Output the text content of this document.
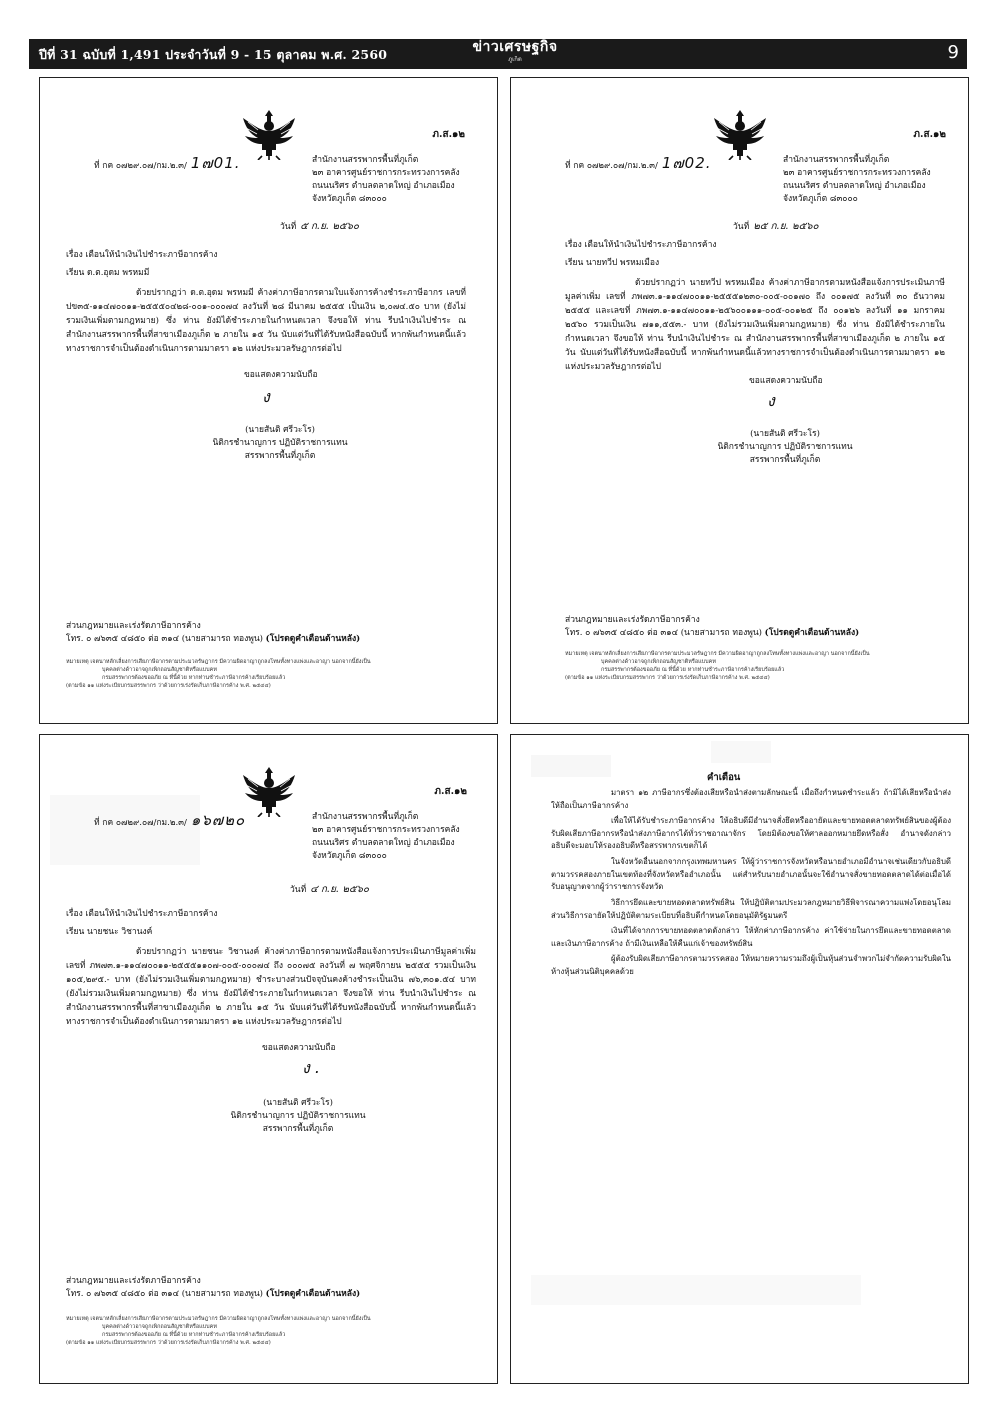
ปีที่ 31 ฉบับที่ 1,491 ประจำวันที่ 9 - 15 ตุลาคม พ.ศ. 2560	ข่าวเศรษฐกิจ
ภูเก็ต	9
ภ.ส.๑๒
ที่ กค ๐๗๒๙.๐๗/กม.๒.๓/ 1๗01.	สำนักงานสรรพากรพื้นที่ภูเก็ต
๒๓ อาคารศูนย์ราชการกระทรวงการคลัง
ถนนนริศร ตำบลตลาดใหญ่ อำเภอเมือง
จังหวัดภูเก็ต ๘๓๐๐๐
วันที่ ๕ ก.ย. ๒๕๖๐
เรื่อง เตือนให้นำเงินไปชำระภาษีอากรค้าง
เรียน ด.ต.อุดม พรหมมี
ด้วยปรากฏว่า ด.ต.อุดม พรหมมี ค้างค่าภาษีอากรตามใบแจ้งการค้างชำระภาษีอากร เลขที่ ปข๓๕-๑๑๔๗๐๐๑๑-๒๕๕๕๐๔๒๘-๐๐๑-๐๐๐๗๔ ลงวันที่ ๒๘ มีนาคม ๒๕๕๕ เป็นเงิน ๒,๐๗๔.๕๐ บาท (ยังไม่รวมเงินเพิ่มตามกฎหมาย) ซึ่ง ท่าน ยังมิได้ชำระภายในกำหนดเวลา จึงขอให้ ท่าน รีบนำเงินไปชำระ ณ สำนักงานสรรพากรพื้นที่สาขาเมืองภูเก็ต ๒ ภายใน ๑๕ วัน นับแต่วันที่ได้รับหนังสือฉบับนี้ หากพ้นกำหนดนี้แล้วทางราชการจำเป็นต้องดำเนินการตามมาตรา ๑๒ แห่งประมวลรัษฎากรต่อไป
ขอแสดงความนับถือ
ง
(นายสันติ ศรีวะโร)
นิติกรชำนาญการ ปฏิบัติราชการแทน
สรรพากรพื้นที่ภูเก็ต
ส่วนกฎหมายและเร่งรัดภาษีอากรค้าง
โทร. ๐ ๗๖๓๕ ๔๘๕๐ ต่อ ๓๑๔ (นายสามารถ ทองพูน) (โปรดดูคำเตือนด้านหลัง)
หมายเหตุ เจตนาหลักเลี่ยงการเสียภาษีอากรตามประมวลรัษฎากร มีความผิดอาญาถูกลงโทษทั้งทางแพ่งและอาญา นอกจากนี้ยังเป็น
บุคคลต่างด้าวอาจถูกเพิกถอนสัญชาติหรือแบบคท
กรมสรรพากรต้องขออภัย ณ ที่นี้ด้วย หากท่านชำระภาษีอากรค้างเรียบร้อยแล้ว
(ตามข้อ ๑๑ แห่งระเบียบกรมสรรพากร ว่าด้วยการเร่งรัดเก็บภาษีอากรค้าง พ.ศ. ๒๕๔๔)
ภ.ส.๑๒
ที่ กค ๐๗๒๙.๐๗/กม.๒.๓/ 1๗02.	สำนักงานสรรพากรพื้นที่ภูเก็ต
๒๓ อาคารศูนย์ราชการกระทรวงการคลัง
ถนนนริศร ตำบลตลาดใหญ่ อำเภอเมือง
จังหวัดภูเก็ต ๘๓๐๐๐
วันที่ ๒๕ ก.ย. ๒๕๖๐
เรื่อง เตือนให้นำเงินไปชำระภาษีอากรค้าง
เรียน นายทวีป พรหมเมือง
ด้วยปรากฏว่า นายทวีป พรหมเมือง ค้างค่าภาษีอากรตามหนังสือแจ้งการประเมินภาษีมูลค่าเพิ่ม เลขที่ ภพ๗๓.๑-๑๑๔๗๐๐๑๑-๒๕๕๕๑๒๓๐-๐๐๕-๐๐๑๗๐ ถึง ๐๐๑๗๕ ลงวันที่ ๓๐ ธันวาคม ๒๕๕๕ และเลขที่ ภพ๗๓.๑-๑๑๔๗๐๐๑๑-๒๕๖๐๐๑๑๑-๐๐๕-๐๐๑๒๕ ถึง ๐๐๑๒๖ ลงวันที่ ๑๑ มกราคม ๒๕๖๐ รวมเป็นเงิน ๗๑๑,๕๕๓.- บาท (ยังไม่รวมเงินเพิ่มตามกฎหมาย) ซึ่ง ท่าน ยังมิได้ชำระภายในกำหนดเวลา จึงขอให้ ท่าน รีบนำเงินไปชำระ ณ สำนักงานสรรพากรพื้นที่สาขาเมืองภูเก็ต ๒ ภายใน ๑๕ วัน นับแต่วันที่ได้รับหนังสือฉบับนี้ หากพ้นกำหนดนี้แล้วทางราชการจำเป็นต้องดำเนินการตามมาตรา ๑๒ แห่งประมวลรัษฎากรต่อไป
ขอแสดงความนับถือ
ง
(นายสันติ ศรีวะโร)
นิติกรชำนาญการ ปฏิบัติราชการแทน
สรรพากรพื้นที่ภูเก็ต
ส่วนกฎหมายและเร่งรัดภาษีอากรค้าง
โทร. ๐ ๗๖๓๕ ๔๘๕๐ ต่อ ๓๑๔ (นายสามารถ ทองพูน) (โปรดดูคำเตือนด้านหลัง)
หมายเหตุ เจตนาหลักเลี่ยงการเสียภาษีอากรตามประมวลรัษฎากร มีความผิดอาญาถูกลงโทษทั้งทางแพ่งและอาญา นอกจากนี้ยังเป็น
บุคคลต่างด้าวอาจถูกเพิกถอนสัญชาติหรือแบบคท
กรมสรรพากรต้องขออภัย ณ ที่นี้ด้วย หากท่านชำระภาษีอากรค้างเรียบร้อยแล้ว
(ตามข้อ ๑๑ แห่งระเบียบกรมสรรพากร ว่าด้วยการเร่งรัดเก็บภาษีอากรค้าง พ.ศ. ๒๕๔๔)
ภ.ส.๑๒
ที่ กค ๐๗๒๙.๐๗/กม.๒.๓/ ๑๖๗๒๐	สำนักงานสรรพากรพื้นที่ภูเก็ต
๒๓ อาคารศูนย์ราชการกระทรวงการคลัง
ถนนนริศร ตำบลตลาดใหญ่ อำเภอเมือง
จังหวัดภูเก็ต ๘๓๐๐๐
วันที่ ๔ ก.ย. ๒๕๖๐
เรื่อง เตือนให้นำเงินไปชำระภาษีอากรค้าง
เรียน นายชนะ วิชานงค์
ด้วยปรากฏว่า นายชนะ วิชานงค์ ค้างค่าภาษีอากรตามหนังสือแจ้งการประเมินภาษีมูลค่าเพิ่ม เลขที่ ภพ๗๓.๑-๑๑๔๗๐๐๑๑-๒๕๕๕๑๑๐๗-๐๐๕-๐๐๐๗๔ ถึง ๐๐๐๗๕ ลงวันที่ ๗ พฤศจิกายน ๒๕๕๕ รวมเป็นเงิน ๑๐๕,๒๙๕.- บาท (ยังไม่รวมเงินเพิ่มตามกฎหมาย) ชำระบางส่วนปัจจุบันคงค้างชำระเป็นเงิน ๗๖,๓๐๑.๕๔ บาท (ยังไม่รวมเงินเพิ่มตามกฎหมาย) ซึ่ง ท่าน ยังมิได้ชำระภายในกำหนดเวลา จึงขอให้ ท่าน รีบนำเงินไปชำระ ณ สำนักงานสรรพากรพื้นที่สาขาเมืองภูเก็ต ๒ ภายใน ๑๕ วัน นับแต่วันที่ได้รับหนังสือฉบับนี้ หากพ้นกำหนดนี้แล้วทางราชการจำเป็นต้องดำเนินการตามมาตรา ๑๒ แห่งประมวลรัษฎากรต่อไป
ขอแสดงความนับถือ
ง .
(นายสันติ ศรีวะโร)
นิติกรชำนาญการ ปฏิบัติราชการแทน
สรรพากรพื้นที่ภูเก็ต
ส่วนกฎหมายและเร่งรัดภาษีอากรค้าง
โทร. ๐ ๗๖๓๕ ๔๘๕๐ ต่อ ๓๑๔ (นายสามารถ ทองพูน) (โปรดดูคำเตือนด้านหลัง)
หมายเหตุ เจตนาหลักเลี่ยงการเสียภาษีอากรตามประมวลรัษฎากร มีความผิดอาญาถูกลงโทษทั้งทางแพ่งและอาญา นอกจากนี้ยังเป็น
บุคคลต่างด้าวอาจถูกเพิกถอนสัญชาติหรือแบบคท
กรมสรรพากรต้องขออภัย ณ ที่นี้ด้วย หากท่านชำระภาษีอากรค้างเรียบร้อยแล้ว
(ตามข้อ ๑๑ แห่งระเบียบกรมสรรพากร ว่าด้วยการเร่งรัดเก็บภาษีอากรค้าง พ.ศ. ๒๕๔๔)
คำเตือน
มาตรา ๑๒ ภาษีอากรซึ่งต้องเสียหรือนำส่งตามลักษณะนี้ เมื่อถึงกำหนดชำระแล้ว ถ้ามิได้เสียหรือนำส่ง ให้ถือเป็นภาษีอากรค้าง
เพื่อให้ได้รับชำระภาษีอากรค้าง ให้อธิบดีมีอำนาจสั่งยึดหรืออายัดและขายทอดตลาดทรัพย์สินของผู้ต้องรับผิดเสียภาษีอากรหรือนำส่งภาษีอากรได้ทั่วราชอาณาจักร โดยมิต้องขอให้ศาลออกหมายยึดหรือสั่ง อำนาจดังกล่าวอธิบดีจะมอบให้รองอธิบดีหรือสรรพากรเขตก็ได้
ในจังหวัดอื่นนอกจากกรุงเทพมหานคร ให้ผู้ว่าราชการจังหวัดหรือนายอำเภอมีอำนาจเช่นเดียวกับอธิบดีตามวรรคสองภายในเขตท้องที่จังหวัดหรืออำเภอนั้น แต่สำหรับนายอำเภอนั้นจะใช้อำนาจสั่งขายทอดตลาดได้ต่อเมื่อได้รับอนุญาตจากผู้ว่าราชการจังหวัด
วิธีการยึดและขายทอดตลาดทรัพย์สิน ให้ปฏิบัติตามประมวลกฎหมายวิธีพิจารณาความแพ่งโดยอนุโลม ส่วนวิธีการอายัดให้ปฏิบัติตามระเบียบที่อธิบดีกำหนดโดยอนุมัติรัฐมนตรี
เงินที่ได้จากการขายทอดตลาดดังกล่าว ให้หักค่าภาษีอากรค้าง ค่าใช้จ่ายในการยึดและขายทอดตลาด และเงินภาษีอากรค้าง ถ้ามีเงินเหลือให้คืนแก่เจ้าของทรัพย์สิน
ผู้ต้องรับผิดเสียภาษีอากรตามวรรคสอง ให้หมายความรวมถึงผู้เป็นหุ้นส่วนจำพวกไม่จำกัดความรับผิดในห้างหุ้นส่วนนิติบุคคลด้วย
